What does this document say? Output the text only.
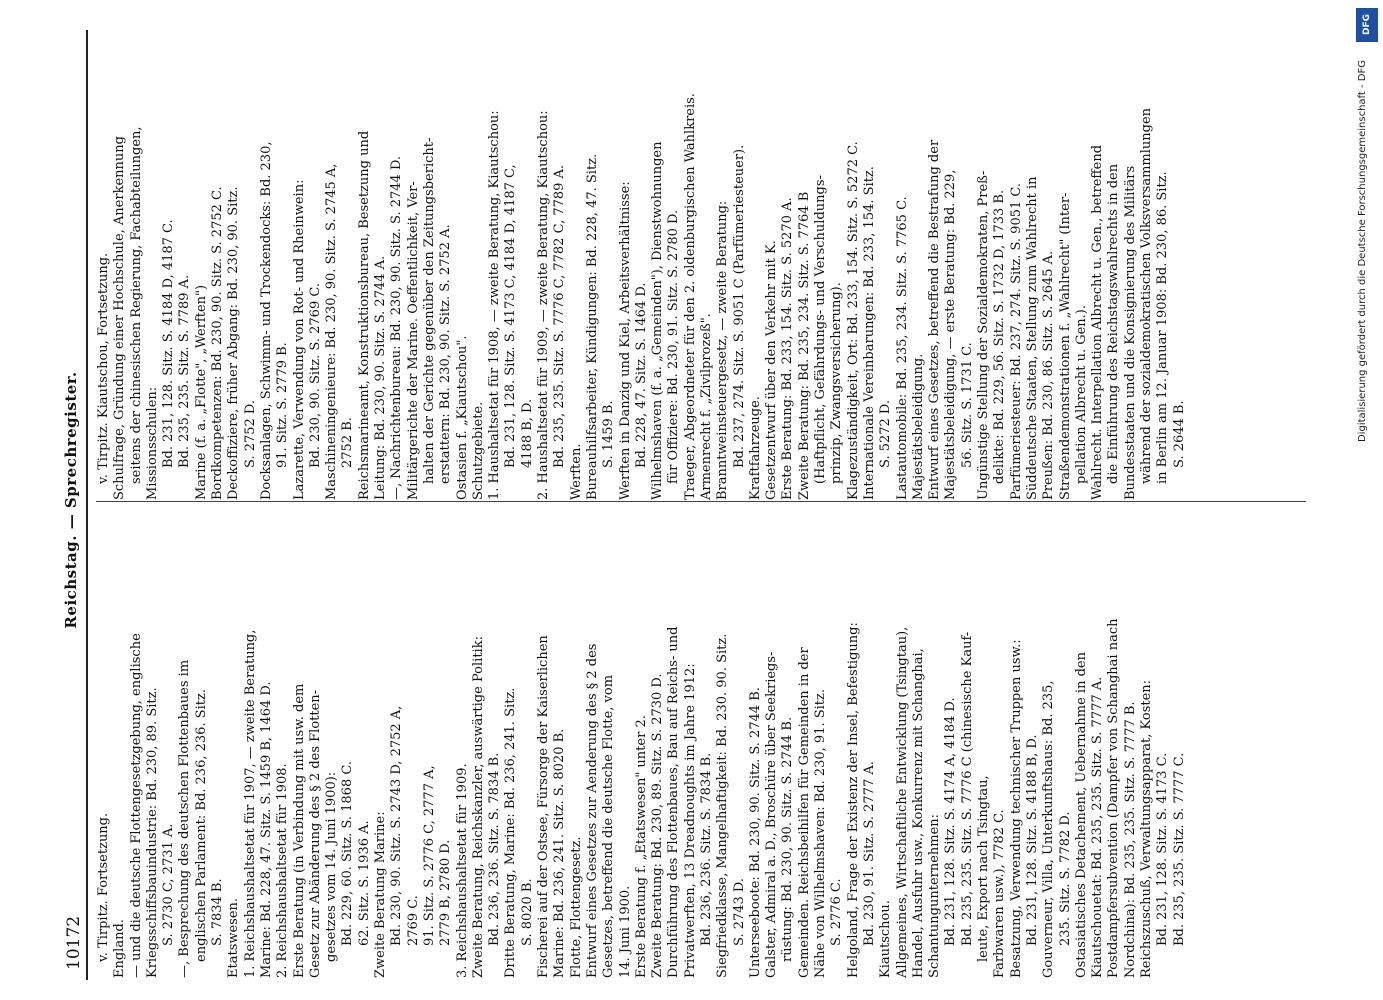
10172
Reichstag. — Sprechregister.
v. Tirpitz. Fortsetzung. England. — und die deutsche Flottengesetzgebung, englische Kriegsschiffsbauindustrie: Bd. 230, 89. Sitz. S. 2730 C, 2731 A. —, Besprechung des deutschen Flottenbaues im englischen Parlament: Bd. 236, 236. Sitz. S. 7834 B. Etatswesen. 1. Reichshaushaltsetat für 1907, — zweite Beratung, Marine: Bd. 228, 47. Sitz. S. 1459 B, 1464 D. 2. Reichshaushaltsetat für 1908. Erste Beratung (in Verbindung mit usw. dem Gesetz zur Abänderung des § 2 des Flotten- gesetzes vom 14. Juni 1900): Bd. 229, 60. Sitz. S. 1868 C. 62. Sitz. S. 1936 A. Zweite Beratung Marine: Bd. 230, 90. Sitz. S. 2743 D, 2752 A, 2769 C. 91. Sitz. S. 2776 C, 2777 A, 2779 B, 2780 D. 3. Reichshaushaltsetat für 1909. Zweite Beratung, Reichskanzler, auswärtige Politik: Bd. 236, 236. Sitz. S. 7834 B. Dritte Beratung, Marine: Bd. 236, 241. Sitz. S. 8020 B. Fischerei auf der Ostsee, Fürsorge der Kaiserlichen Marine: Bd. 236, 241. Sitz. S. 8020 B. Flotte, Flottengesetz. Entwurf eines Gesetzes zur Aenderung des § 2 des Gesetzes, betreffend die deutsche Flotte, vom 14. Juni 1900. Erste Beratung f. „Etatswesen" unter 2. Zweite Beratung: Bd. 230, 89. Sitz. S. 2730 D. Durchführung des Flottenbaues, Bau auf Reichs- und Privatwerften, 13 Dreadnoughts im Jahre 1912: Bd. 236, 236. Sitz. S. 7834 B. Siegfriedklasse, Mangelhaftigkeit: Bd. 230. 90. Sitz. S. 2743 D. Unterseeboote: Bd. 230, 90. Sitz. S. 2744 B. Galster, Admiral a. D., Broschüre über Seekriegs- rüstung: Bd. 230, 90. Sitz. S. 2744 B. Gemeinden. Reichsbeihilfen für Gemeinden in der Nähe von Wilhelmshaven: Bd. 230, 91. Sitz. S. 2776 C. Helgoland, Frage der Existenz der Insel, Befestigung: Bd. 230, 91. Sitz. S. 2777 A. Kiautschou. Allgemeines, Wirtschaftliche Entwicklung (Tsingtau), Handel, Ausfuhr usw., Konkurrenz mit Schanghai, Schantungunternehmen: Bd. 231, 128. Sitz. S. 4174 A, 4184 D. Bd. 235, 235. Sitz. S. 7776 C (chinesische Kauf- leute, Export nach Tsingtau, Farbwaren usw.), 7782 C. Besatzung, Verwendung technischer Truppen usw.: Bd. 231, 128. Sitz. S. 4188 B, D. Gouverneur, Villa, Unterkunftshaus: Bd. 235, 235. Sitz. S. 7782 D. Ostasiatisches Detachement, Uebernahme in den Kiautschouetat: Bd. 235, 235. Sitz. S. 7777 A. Postdampfersubvention (Dampfer von Schanghai nach Nordchina): Bd. 235, 235. Sitz. S. 7777 B. Reichszuschuß, Verwaltungsapparat, Kosten: Bd. 231, 128. Sitz. S. 4173 C. Bd. 235, 235. Sitz. S. 7777 C.
v. Tirpitz. Kiautschou, Fortsetzung. Schulfrage, Gründung einer Hochschule, Anerkennung seitens der chinesischen Regierung, Fachabteilungen, Missionsschulen: Bd. 231, 128. Sitz. S. 4184 D, 4187 C. Bd. 235, 235. Sitz. S. 7789 A. Marine (f. a. „Flotte", „Werften") Bordkompetenzen: Bd. 230, 90. Sitz. S. 2752 C. Deckoffiziere, früher Abgang: Bd. 230, 90. Sitz. S. 2752 D. Docksanlagen, Schwimm- und Trockendocks: Bd. 230, 91. Sitz. S. 2779 B. Lazarette, Verwendung von Rot- und Rheinwein: Bd. 230, 90. Sitz. S. 2769 C. Maschineningenieure: Bd. 230, 90. Sitz. S. 2745 A, 2752 B. Reichsmarineamt, Konstruktionsbureau, Besetzung und Leitung: Bd. 230, 90. Sitz. S. 2744 A. —, Nachrichtenbureau: Bd. 230, 90. Sitz. S. 2744 D. Militärgerichte der Marine. Oeffentlichkeit, Ver- halten der Gerichte gegenüber den Zeitungsbericht- erstattern: Bd. 230, 90. Sitz. S. 2752 A. Ostasien f. „Kiautschou". Schutzgebiete. 1. Haushaltsetat für 1908, — zweite Beratung, Kiautschou: Bd. 231, 128. Sitz. S. 4173 C, 4184 D, 4187 C, 4188 B, D. 2. Haushaltsetat für 1909, — zweite Beratung, Kiautschou: Bd. 235, 235. Sitz. S. 7776 C, 7782 C, 7789 A.
Werften. Bureauhilfsarbeiter, Kündigungen: Bd. 228, 47. Sitz. S. 1459 B. Werften in Danzig und Kiel, Arbeitsverhältnisse: Bd. 228, 47. Sitz. S. 1464 D. Wilhelmshaven (f. a. „Gemeinden"), Dienstwohnungen für Offiziere: Bd. 230, 91. Sitz. S. 2780 D. Traeger, Abgeordneter für den 2. oldenburgischen Wahlkreis. Armenrecht f. „Zivilprozeß". Branntweinsteuergesetz, — zweite Beratung: Bd. 237, 274. Sitz. S. 9051 C (Parfümeriesteuer). Kraftfahrzeuge. Gesetzentwurf über den Verkehr mit K. Erste Beratung: Bd. 233, 154. Sitz. S. 5270 A. Zweite Beratung: Bd. 235, 234. Sitz. S. 7764 B (Haftpflicht, Gefährdungs- und Verschuldungs- prinzip, Zwangsversicherung). Klagezuständigkeit, Ort: Bd. 233, 154. Sitz. S. 5272 C. Internationale Vereinbarungen: Bd. 233, 154. Sitz. S. 5272 D. Lastautomobile: Bd. 235, 234. Sitz. S. 7765 C. Majestätsbeleidigung. Entwurf eines Gesetzes, betreffend die Bestrafung der Majestätsbeleidigung, — erste Beratung: Bd. 229, 56. Sitz. S. 1731 C. Ungünstige Stellung der Sozialdemokraten, Preß- delikte: Bd. 229, 56. Sitz. S. 1732 D, 1733 B. Parfümeriesteuer: Bd. 237, 274. Sitz. S. 9051 C. Süddeutsche Staaten, Stellung zum Wahlrecht in Preußen: Bd. 230, 86. Sitz. S. 2645 A. Straßendemonstrationen f. „Wahlrecht" (Inter- pellation Albrecht u. Gen.). Wahlrecht. Interpellation Albrecht u. Gen., betreffend die Einführung des Reichstagswahlrechts in den Bundesstaaten und die Konsignierung des Militärs während der sozialdemokratischen Volksversammlungen in Berlin am 12. Januar 1908: Bd. 230, 86. Sitz. S. 2644 B.
DFG
Digitalisierung gefördert durch die Deutsche Forschungsgemeinschaft - DFG
